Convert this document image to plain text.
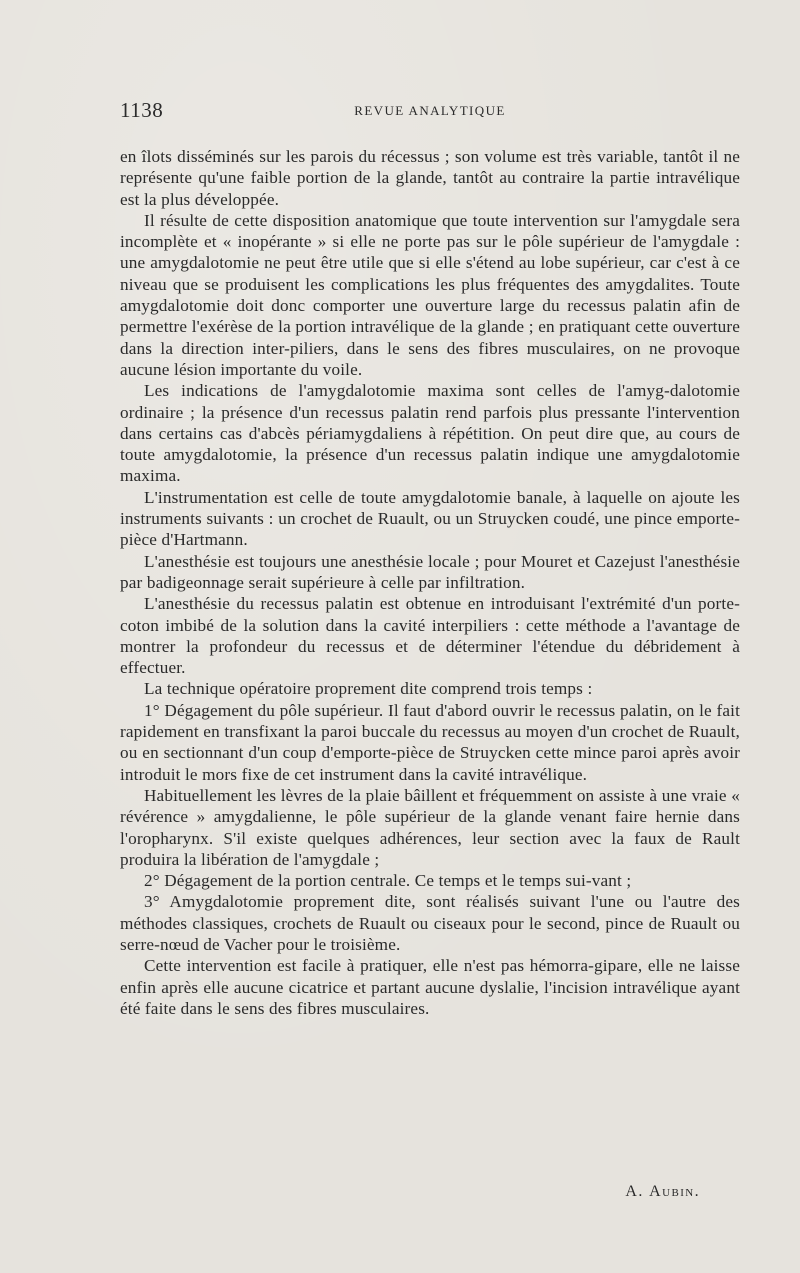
1138	REVUE ANALYTIQUE

en îlots disséminés sur les parois du récessus ; son volume est très variable, tantôt il ne représente qu'une faible portion de la glande, tantôt au contraire la partie intravélique est la plus développée.

Il résulte de cette disposition anatomique que toute intervention sur l'amygdale sera incomplète et « inopérante » si elle ne porte pas sur le pôle supérieur de l'amygdale : une amygdalotomie ne peut être utile que si elle s'étend au lobe supérieur, car c'est à ce niveau que se produisent les complications les plus fréquentes des amygdalites. Toute amygdalotomie doit donc comporter une ouverture large du recessus palatin afin de permettre l'exérèse de la portion intravélique de la glande ; en pratiquant cette ouverture dans la direction inter-piliers, dans le sens des fibres musculaires, on ne provoque aucune lésion importante du voile.

Les indications de l'amygdalotomie maxima sont celles de l'amyg-dalotomie ordinaire ; la présence d'un recessus palatin rend parfois plus pressante l'intervention dans certains cas d'abcès périamygdaliens à répétition. On peut dire que, au cours de toute amygdalotomie, la présence d'un recessus palatin indique une amygdalotomie maxima.

L'instrumentation est celle de toute amygdalotomie banale, à laquelle on ajoute les instruments suivants : un crochet de Ruault, ou un Struycken coudé, une pince emporte-pièce d'Hartmann.

L'anesthésie est toujours une anesthésie locale ; pour Mouret et Cazejust l'anesthésie par badigeonnage serait supérieure à celle par infiltration.

L'anesthésie du recessus palatin est obtenue en introduisant l'extrémité d'un porte-coton imbibé de la solution dans la cavité interpiliers : cette méthode a l'avantage de montrer la profondeur du recessus et de déterminer l'étendue du débridement à effectuer.

La technique opératoire proprement dite comprend trois temps :

1° Dégagement du pôle supérieur. Il faut d'abord ouvrir le recessus palatin, on le fait rapidement en transfixant la paroi buccale du recessus au moyen d'un crochet de Ruault, ou en sectionnant d'un coup d'emporte-pièce de Struycken cette mince paroi après avoir introduit le mors fixe de cet instrument dans la cavité intravélique.

Habituellement les lèvres de la plaie bâillent et fréquemment on assiste à une vraie « révérence » amygdalienne, le pôle supérieur de la glande venant faire hernie dans l'oropharynx. S'il existe quelques adhérences, leur section avec la faux de Rault produira la libération de l'amygdale ;

2° Dégagement de la portion centrale. Ce temps et le temps sui-vant ;

3° Amygdalotomie proprement dite, sont réalisés suivant l'une ou l'autre des méthodes classiques, crochets de Ruault ou ciseaux pour le second, pince de Ruault ou serre-nœud de Vacher pour le troisième.

Cette intervention est facile à pratiquer, elle n'est pas hémorra-gipare, elle ne laisse enfin après elle aucune cicatrice et partant aucune dyslalie, l'incision intravélique ayant été faite dans le sens des fibres musculaires.

A. Aubin.
